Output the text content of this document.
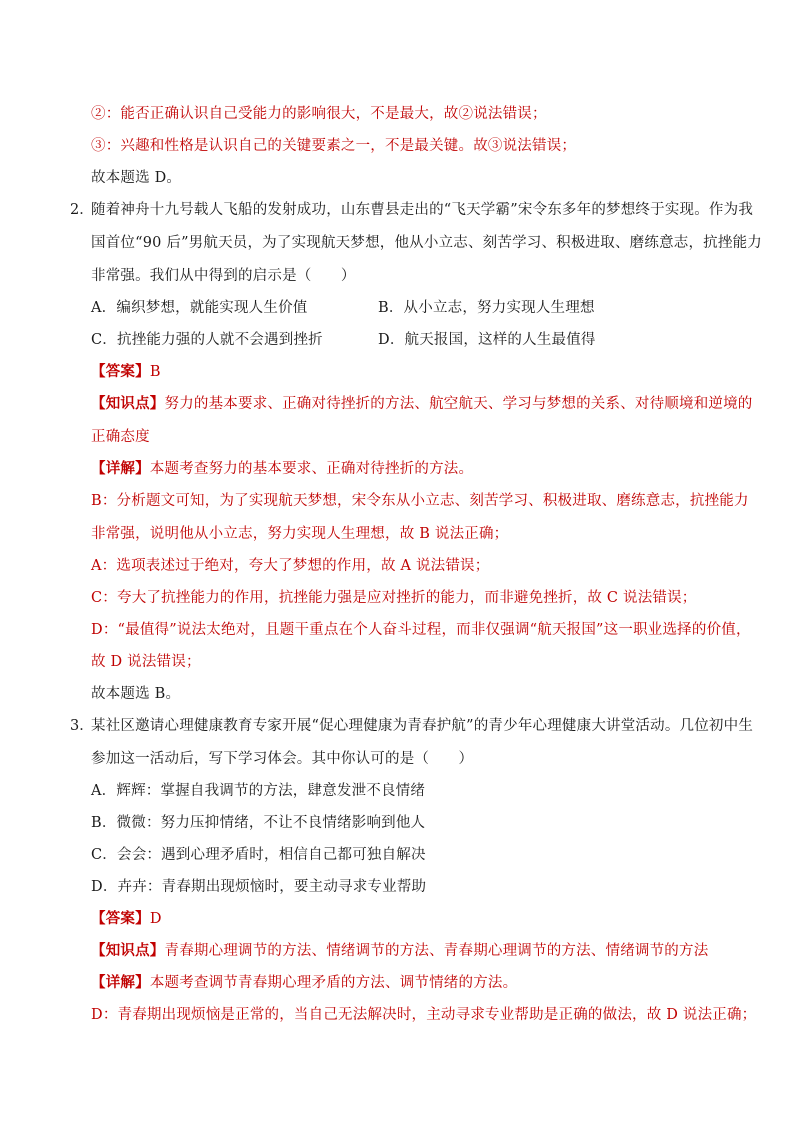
②：能否正确认识自己受能力的影响很大，不是最大，故②说法错误；
③：兴趣和性格是认识自己的关键要素之一，不是最关键。故③说法错误；
故本题选 D。
2．
随着神舟十九号载人飞船的发射成功，山东曹县走出的“飞天学霸”宋令东多年的梦想终于实现。作为我
国首位“90 后”男航天员，为了实现航天梦想，他从小立志、刻苦学习、积极进取、磨练意志，抗挫能力
非常强。我们从中得到的启示是（　　）
A．编织梦想，就能实现人生价值	B．从小立志，努力实现人生理想
C．抗挫能力强的人就不会遇到挫折	D．航天报国，这样的人生最值得
【答案】B
【知识点】努力的基本要求、正确对待挫折的方法、航空航天、学习与梦想的关系、对待顺境和逆境的
正确态度
【详解】本题考查努力的基本要求、正确对待挫折的方法。
B：分析题文可知，为了实现航天梦想，宋令东从小立志、刻苦学习、积极进取、磨练意志，抗挫能力
非常强，说明他从小立志，努力实现人生理想，故 B 说法正确；
A：选项表述过于绝对，夸大了梦想的作用，故 A 说法错误；
C：夸大了抗挫能力的作用，抗挫能力强是应对挫折的能力，而非避免挫折，故 C 说法错误；
D：“最值得”说法太绝对，且题干重点在个人奋斗过程，而非仅强调“航天报国”这一职业选择的价值，
故 D 说法错误；
故本题选 B。
3．
某社区邀请心理健康教育专家开展“促心理健康为青春护航”的青少年心理健康大讲堂活动。几位初中生
参加这一活动后，写下学习体会。其中你认可的是（　　）
A．辉辉：掌握自我调节的方法，肆意发泄不良情绪
B．微微：努力压抑情绪，不让不良情绪影响到他人
C．会会：遇到心理矛盾时，相信自己都可独自解决
D．卉卉：青春期出现烦恼时，要主动寻求专业帮助
【答案】D
【知识点】青春期心理调节的方法、情绪调节的方法、青春期心理调节的方法、情绪调节的方法
【详解】本题考查调节青春期心理矛盾的方法、调节情绪的方法。
D：青春期出现烦恼是正常的，当自己无法解决时，主动寻求专业帮助是正确的做法，故 D 说法正确；
